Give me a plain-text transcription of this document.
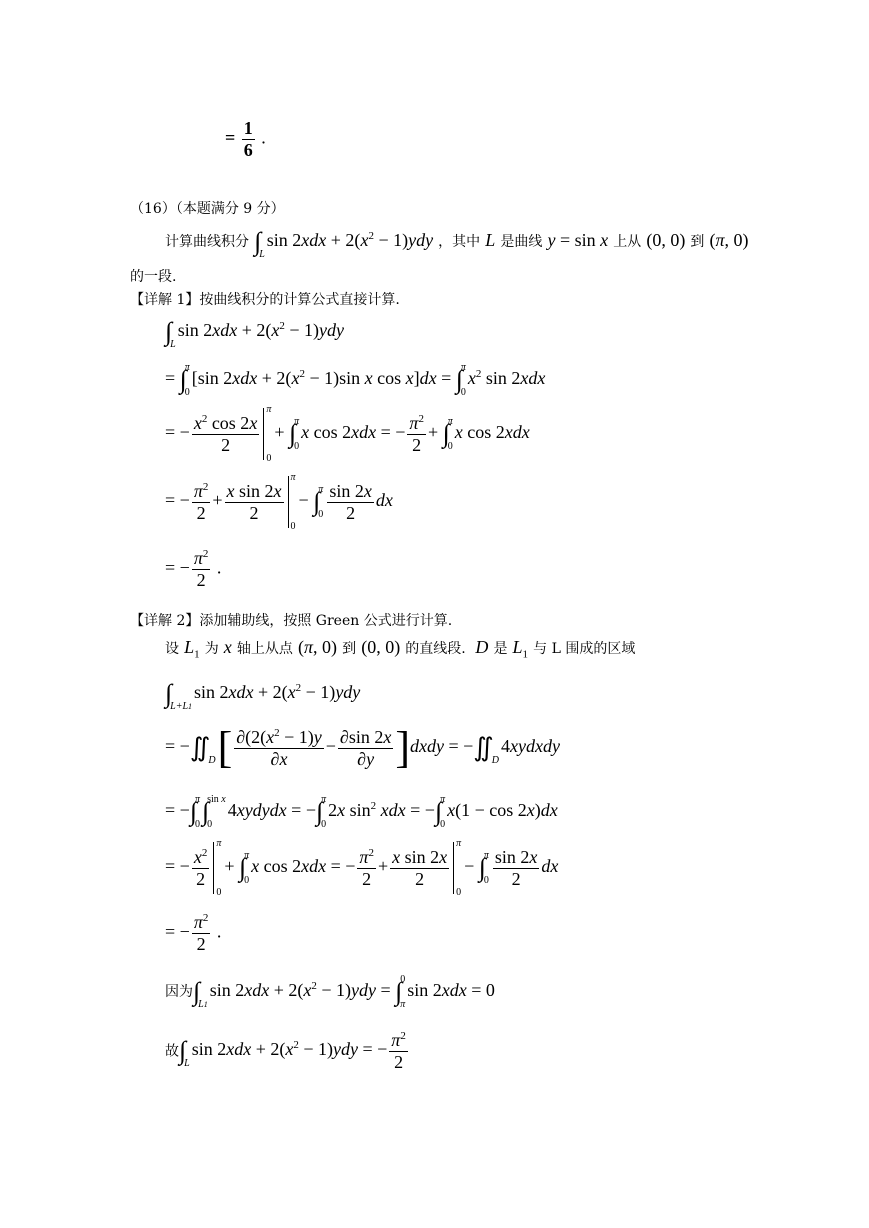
= $\frac{1}{6}$ .
（16）（本题满分 9 分）
计算曲线积分 ∫
L
$\sin 2xdx + 2(x^2 - 1)ydy$ ，其中 L 是曲线 y = sin x 上从 (0, 0) 到 (π, 0)
的一段.
【详解 1】按曲线积分的计算公式直接计算.
∫
L
$\sin 2xdx + 2(x^2 - 1)ydy$
= ∫
π
0
[sin $2xdx + 2(x^2 - 1)\sin$ x cos x]dx = ∫
π
0
$x^2$ sin 2xdx
= − $\frac{x^2 \cos 2x}{2}$
π
0
+ ∫
π
0
x cos 2xdx = − $\frac{\pi^2}{2}$ + ∫
π
0
x cos 2xdx
= − $\frac{\pi^2}{2} + \frac{\text{x sin 2x}}{2}$
π
0
− ∫
π
$0 \frac{\sin 2x}{2}$ dx
= − $\frac{\pi^2}{2}$ .
【详解 2】添加辅助线，按照 Green 公式进行计算.
设 $L_1$ 为 x 轴上从点 (π, 0) 到 (0, 0) 的直线段.  D 是 $L_1$ 与 L 围成的区域
∫
L+L1
$\sin 2xdx + 2(x^2 - 1)ydy$
= −∬
D [ $\frac{\partial(2(x^2 - 1)y}{\partial x} - \frac{\partial\sin 2x}{\partial y}$ ]dxdy = −∬
D
4xydxdy
= −∫
π
0 ∫
sin x
0
4xydydx = −∫
π
0
2x $\sin^2$ xdx = −∫
π
0
x(1 − cos 2x)dx
= − $\frac{x^2}{2}$
π
0
+ ∫
π
0
x cos 2xdx = − $\frac{\pi^2}{2} + \frac{\text{x sin 2x}}{2}$
π
0
− ∫
π
$0 \frac{\sin 2x}{2}$ dx
= − $\frac{\pi^2}{2}$ .
因为∫
L1
$\sin 2xdx + 2(x^2 - 1)ydy$ = ∫
0
π
sin 2xdx = 0
故∫
L
$\sin 2xdx + 2(x^2 - 1)ydy$ = − $\frac{\pi^2}{2}$
